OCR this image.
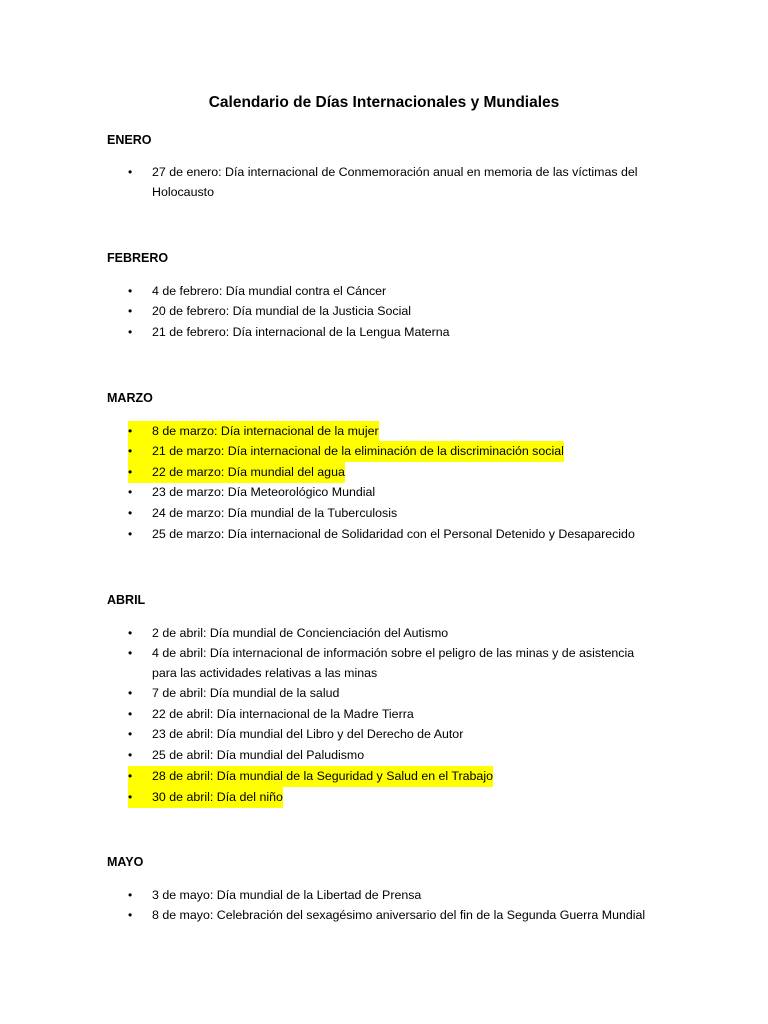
Calendario de Días Internacionales y Mundiales
ENERO
•	27 de enero: Día internacional de Conmemoración anual en memoria de las víctimas del
Holocausto
FEBRERO
•	4 de febrero: Día mundial contra el Cáncer
•	20 de febrero: Día mundial de la Justicia Social
•	21 de febrero: Día internacional de la Lengua Materna
MARZO
•	8 de marzo: Día internacional de la mujer
•	21 de marzo: Día internacional de la eliminación de la discriminación social
•	22 de marzo: Día mundial del agua
•	23 de marzo: Día Meteorológico Mundial
•	24 de marzo: Día mundial de la Tuberculosis
•	25 de marzo: Día internacional de Solidaridad con el Personal Detenido y Desaparecido
ABRIL
•	2 de abril: Día mundial de Concienciación del Autismo
•	4 de abril: Día internacional de información sobre el peligro de las minas y de asistencia
para las actividades relativas a las minas
•	7 de abril: Día mundial de la salud
•	22 de abril: Día internacional de la Madre Tierra
•	23 de abril: Día mundial del Libro y del Derecho de Autor
•	25 de abril: Día mundial del Paludismo
•	28 de abril: Día mundial de la Seguridad y Salud en el Trabajo
•	30 de abril: Día del niño
MAYO
•	3 de mayo: Día mundial de la Libertad de Prensa
•	8 de mayo: Celebración del sexagésimo aniversario del fin de la Segunda Guerra Mundial
